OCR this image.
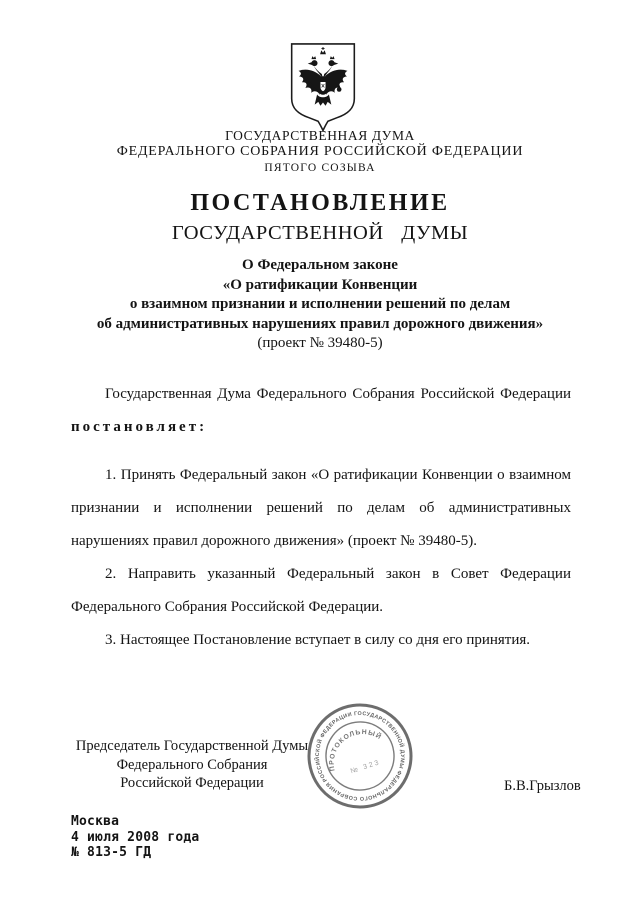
ГОСУДАРСТВЕННАЯ ДУМА
ФЕДЕРАЛЬНОГО СОБРАНИЯ РОССИЙСКОЙ ФЕДЕРАЦИИ
ПЯТОГО СОЗЫВА
ПОСТАНОВЛЕНИЕ
ГОСУДАРСТВЕННОЙ ДУМЫ
О Федеральном законе
«О ратификации Конвенции
о взаимном признании и исполнении решений по делам
об административных нарушениях правил дорожного движения»
(проект № 39480-5)
Государственная Дума Федерального Собрания Российской Федерации
постановляет:

1. Принять Федеральный закон «О ратификации Конвенции о взаимном признании и исполнении решений по делам об административных нарушениях правил дорожного движения» (проект № 39480-5).

2. Направить указанный Федеральный закон в Совет Федерации Федерального Собрания Российской Федерации.

3. Настоящее Постановление вступает в силу со дня его принятия.

Председатель Государственной Думы
Федерального Собрания
Российской Федерации	Б.В.Грызлов
ГОСУДАРСТВЕННОЙ ДУМЫ ФЕДЕРАЛЬНОГО СОБРАНИЯ РОССИЙСКОЙ ФЕДЕРАЦИИ
ПРОТОКОЛЬНЫЙ
№ 323
Москва
4 июля 2008 года
№ 813-5 ГД
